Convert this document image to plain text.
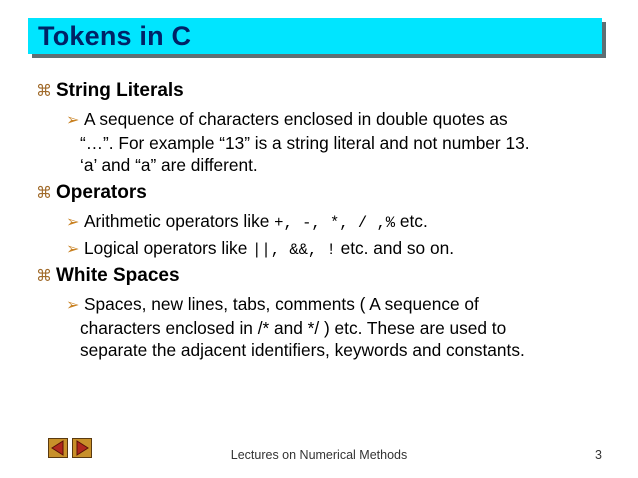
Tokens in C
⌘ String Literals
➢ A sequence of characters enclosed in double quotes as
“…”. For example “13” is a string literal and not number 13.
‘a’ and “a” are different.
⌘ Operators
➢ Arithmetic operators like +, -, *, / ,% etc.
➢ Logical operators like ||, &&, ! etc. and so on.
⌘ White Spaces
➢ Spaces, new lines, tabs, comments ( A sequence of
characters enclosed in /* and */ ) etc. These are used to
separate the adjacent identifiers, keywords and constants.
Lectures on Numerical Methods	3
